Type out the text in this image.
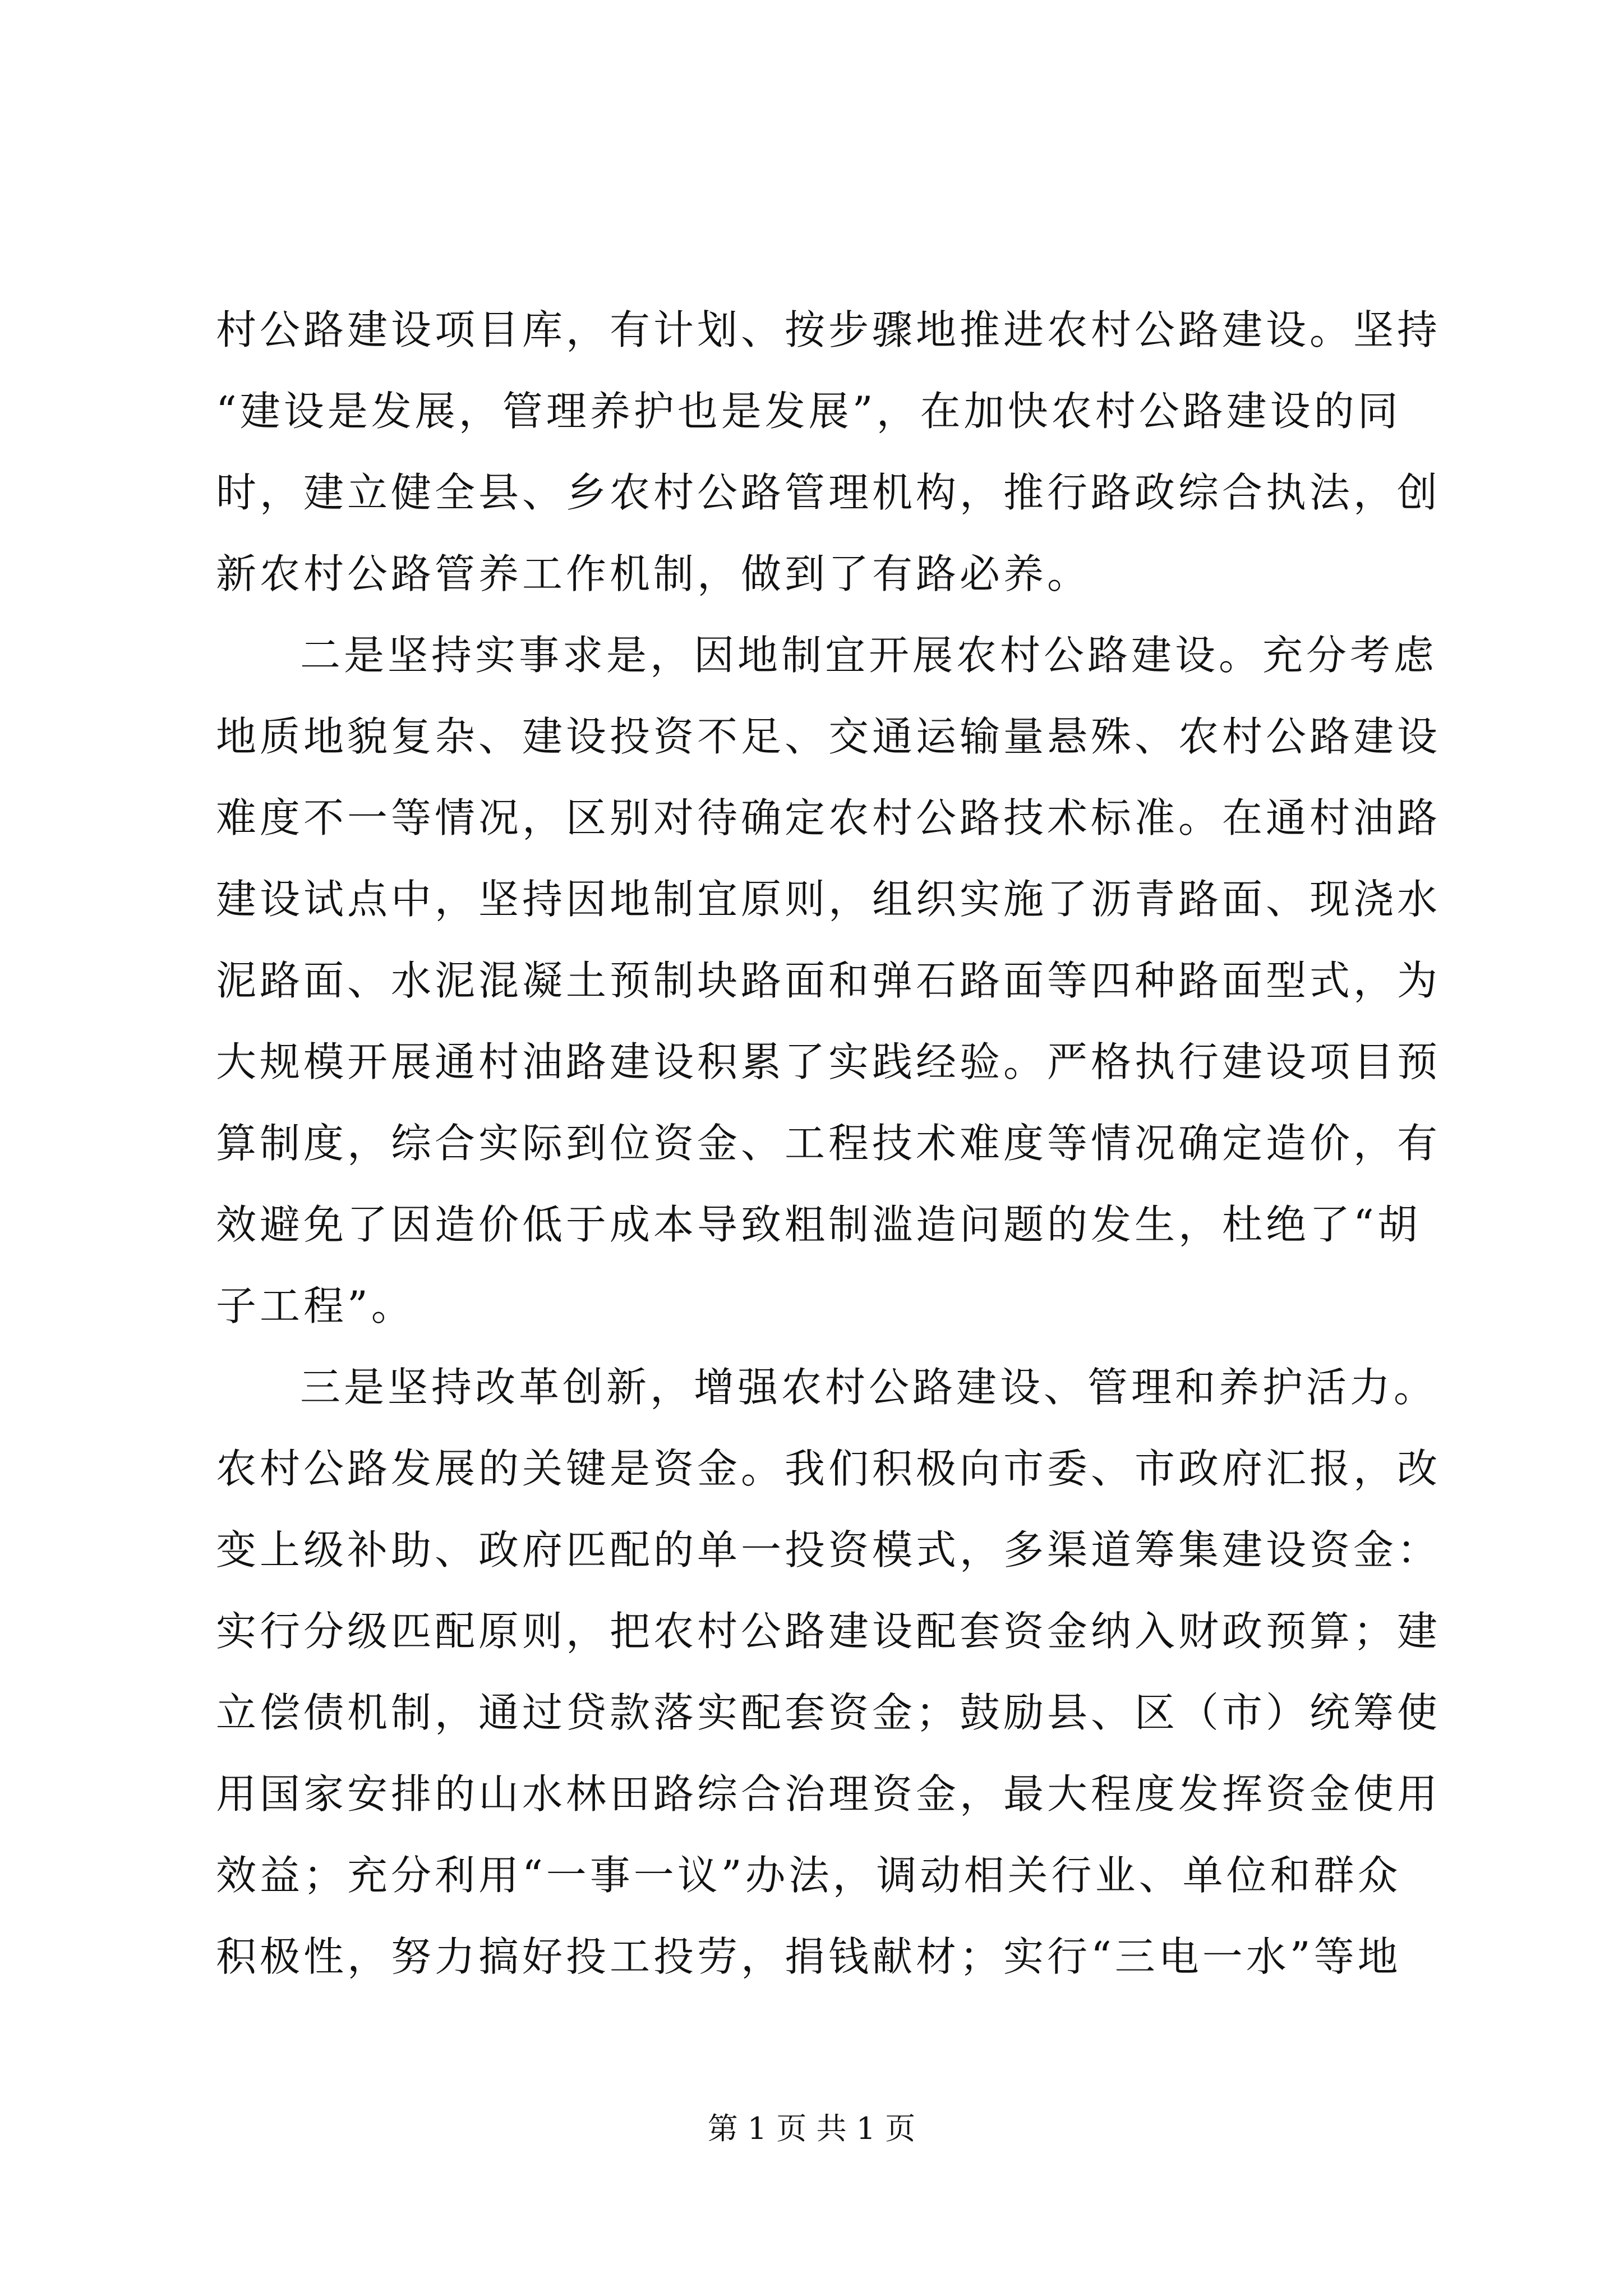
村公路建设项目库，有计划、按步骤地推进农村公路建设。坚持
“建设是发展，管理养护也是发展”，在加快农村公路建设的同
时，建立健全县、乡农村公路管理机构，推行路政综合执法，创
新农村公路管养工作机制，做到了有路必养。
二是坚持实事求是，因地制宜开展农村公路建设。充分考虑
地质地貌复杂、建设投资不足、交通运输量悬殊、农村公路建设
难度不一等情况，区别对待确定农村公路技术标准。在通村油路
建设试点中，坚持因地制宜原则，组织实施了沥青路面、现浇水
泥路面、水泥混凝土预制块路面和弹石路面等四种路面型式，为
大规模开展通村油路建设积累了实践经验。严格执行建设项目预
算制度，综合实际到位资金、工程技术难度等情况确定造价，有
效避免了因造价低于成本导致粗制滥造问题的发生，杜绝了“胡
子工程”。
三是坚持改革创新，增强农村公路建设、管理和养护活力。
农村公路发展的关键是资金。我们积极向市委、市政府汇报，改
变上级补助、政府匹配的单一投资模式，多渠道筹集建设资金：
实行分级匹配原则，把农村公路建设配套资金纳入财政预算；建
立偿债机制，通过贷款落实配套资金；鼓励县、区（市）统筹使
用国家安排的山水林田路综合治理资金，最大程度发挥资金使用
效益；充分利用“一事一议”办法，调动相关行业、单位和群众
积极性，努力搞好投工投劳，捐钱献材；实行“三电一水”等地
第 1 页 共 1 页
